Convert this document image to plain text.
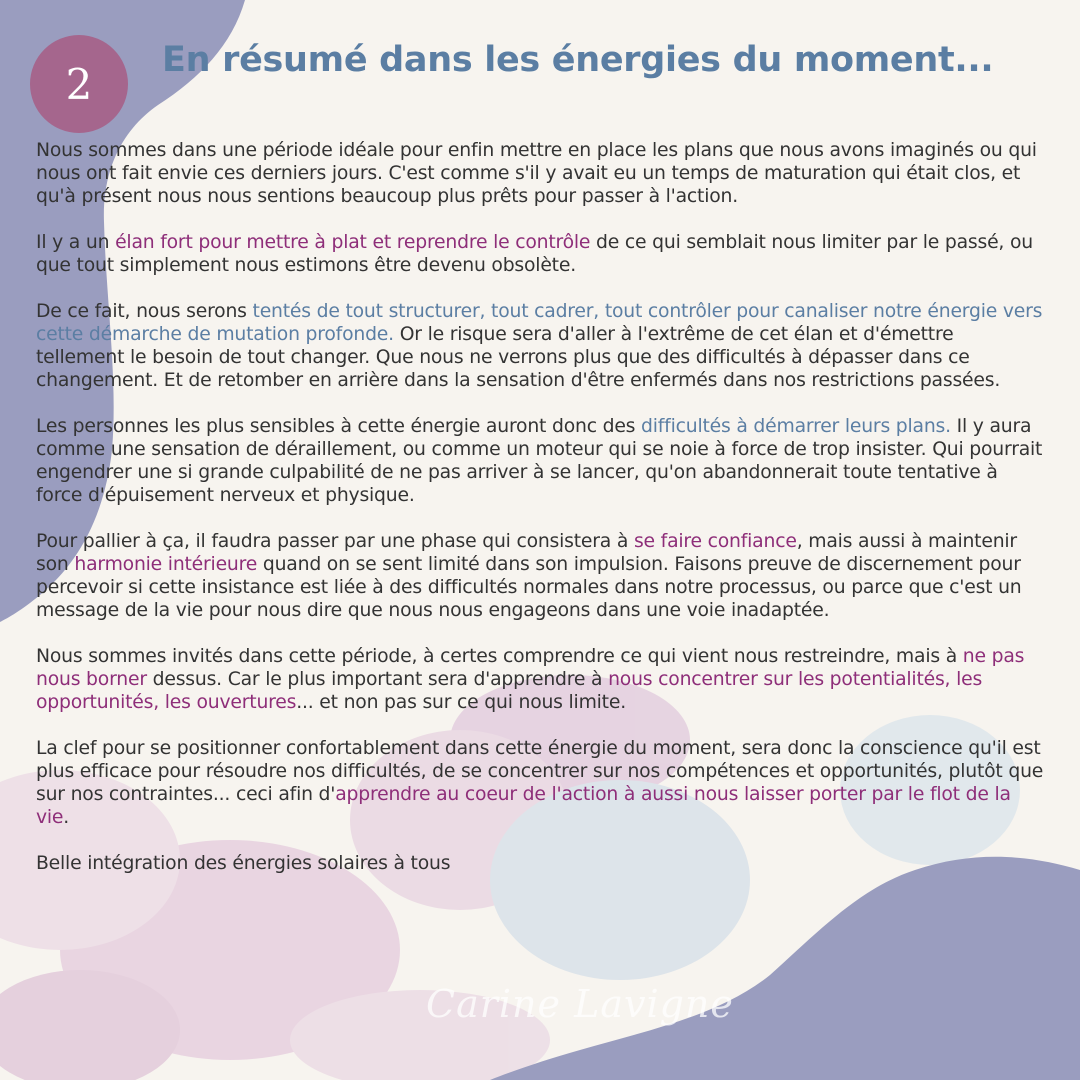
2	En résumé dans les énergies du moment...

Nous sommes dans une période idéale pour enfin mettre en place les plans que nous avons imaginés ou qui nous ont fait envie ces derniers jours. C'est comme s'il y avait eu un temps de maturation qui était clos, et qu'à présent nous nous sentions beaucoup plus prêts pour passer à l'action.

Il y a un élan fort pour mettre à plat et reprendre le contrôle de ce qui semblait nous limiter par le passé, ou que tout simplement nous estimons être devenu obsolète.

De ce fait, nous serons tentés de tout structurer, tout cadrer, tout contrôler pour canaliser notre énergie vers cette démarche de mutation profonde. Or le risque sera d'aller à l'extrême de cet élan et d'émettre tellement le besoin de tout changer. Que nous ne verrons plus que des difficultés à dépasser dans ce changement. Et de retomber en arrière dans la sensation d'être enfermés dans nos restrictions passées.

Les personnes les plus sensibles à cette énergie auront donc des difficultés à démarrer leurs plans. Il y aura comme une sensation de déraillement, ou comme un moteur qui se noie à force de trop insister. Qui pourrait engendrer une si grande culpabilité de ne pas arriver à se lancer, qu'on abandonnerait toute tentative à force d'épuisement nerveux et physique.

Pour pallier à ça, il faudra passer par une phase qui consistera à se faire confiance, mais aussi à maintenir son harmonie intérieure quand on se sent limité dans son impulsion. Faisons preuve de discernement pour percevoir si cette insistance est liée à des difficultés normales dans notre processus, ou parce que c'est un message de la vie pour nous dire que nous nous engageons dans une voie inadaptée.

Nous sommes invités dans cette période, à certes comprendre ce qui vient nous restreindre, mais à ne pas nous borner dessus. Car le plus important sera d'apprendre à nous concentrer sur les potentialités, les opportunités, les ouvertures... et non pas sur ce qui nous limite.

La clef pour se positionner confortablement dans cette énergie du moment, sera donc la conscience qu'il est plus efficace pour résoudre nos difficultés, de se concentrer sur nos compétences et opportunités, plutôt que sur nos contraintes... ceci afin d'apprendre au coeur de l'action à aussi nous laisser porter par le flot de la vie.

Belle intégration des énergies solaires à tous

Carine Lavigne
